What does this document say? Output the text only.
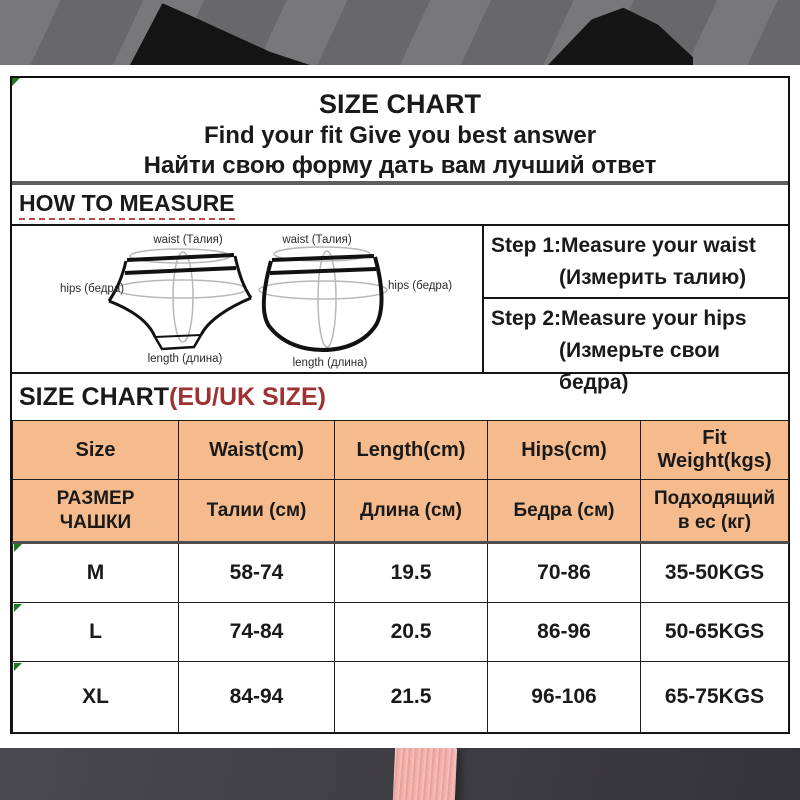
SIZE CHART
Find your fit Give you best answer
Найти свою форму дать вам лучший ответ
HOW TO MEASURE
waist (Талия)
hips (бедра)
length (длина)
waist (Талия)
hips (бедра)
length (длина)
Step 1:Measure your waist
(Измерить талию)
Step 2:Measure your hips
(Измерьте свои бедра)
SIZE CHART (EU/UK SIZE)
Size	Waist(cm)	Length(cm)	Hips(cm)	Fit Weight(kgs)
РАЗМЕР ЧАШКИ	Талии (см)	Длина (см)	Бедра (см)	Подходящий в ес (кг)
M	58-74	19.5	70-86	35-50KGS
L	74-84	20.5	86-96	50-65KGS
XL	84-94	21.5	96-106	65-75KGS
